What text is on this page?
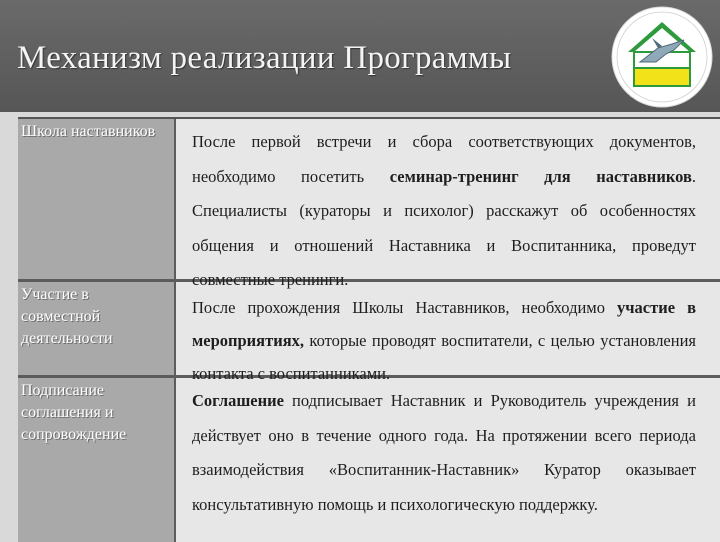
Механизм реализации Программы
Школа наставников
Участие в совместной деятельности
Подписание соглашения и сопровождение
После первой встречи и сбора соответствующих документов, необходимо посетить семинар-тренинг для наставников. Специалисты (кураторы и психолог) расскажут об особенностях общения и отношений Наставника и Воспитанника, проведут совместные тренинги.
После прохождения Школы Наставников, необходимо участие в мероприятиях, которые проводят воспитатели, с целью установления контакта с воспитанниками.
Соглашение подписывает Наставник и Руководитель учреждения и действует оно в течение одного года. На протяжении всего периода взаимодействия «Воспитанник-Наставник» Куратор оказывает консультативную помощь и психологическую поддержку.
